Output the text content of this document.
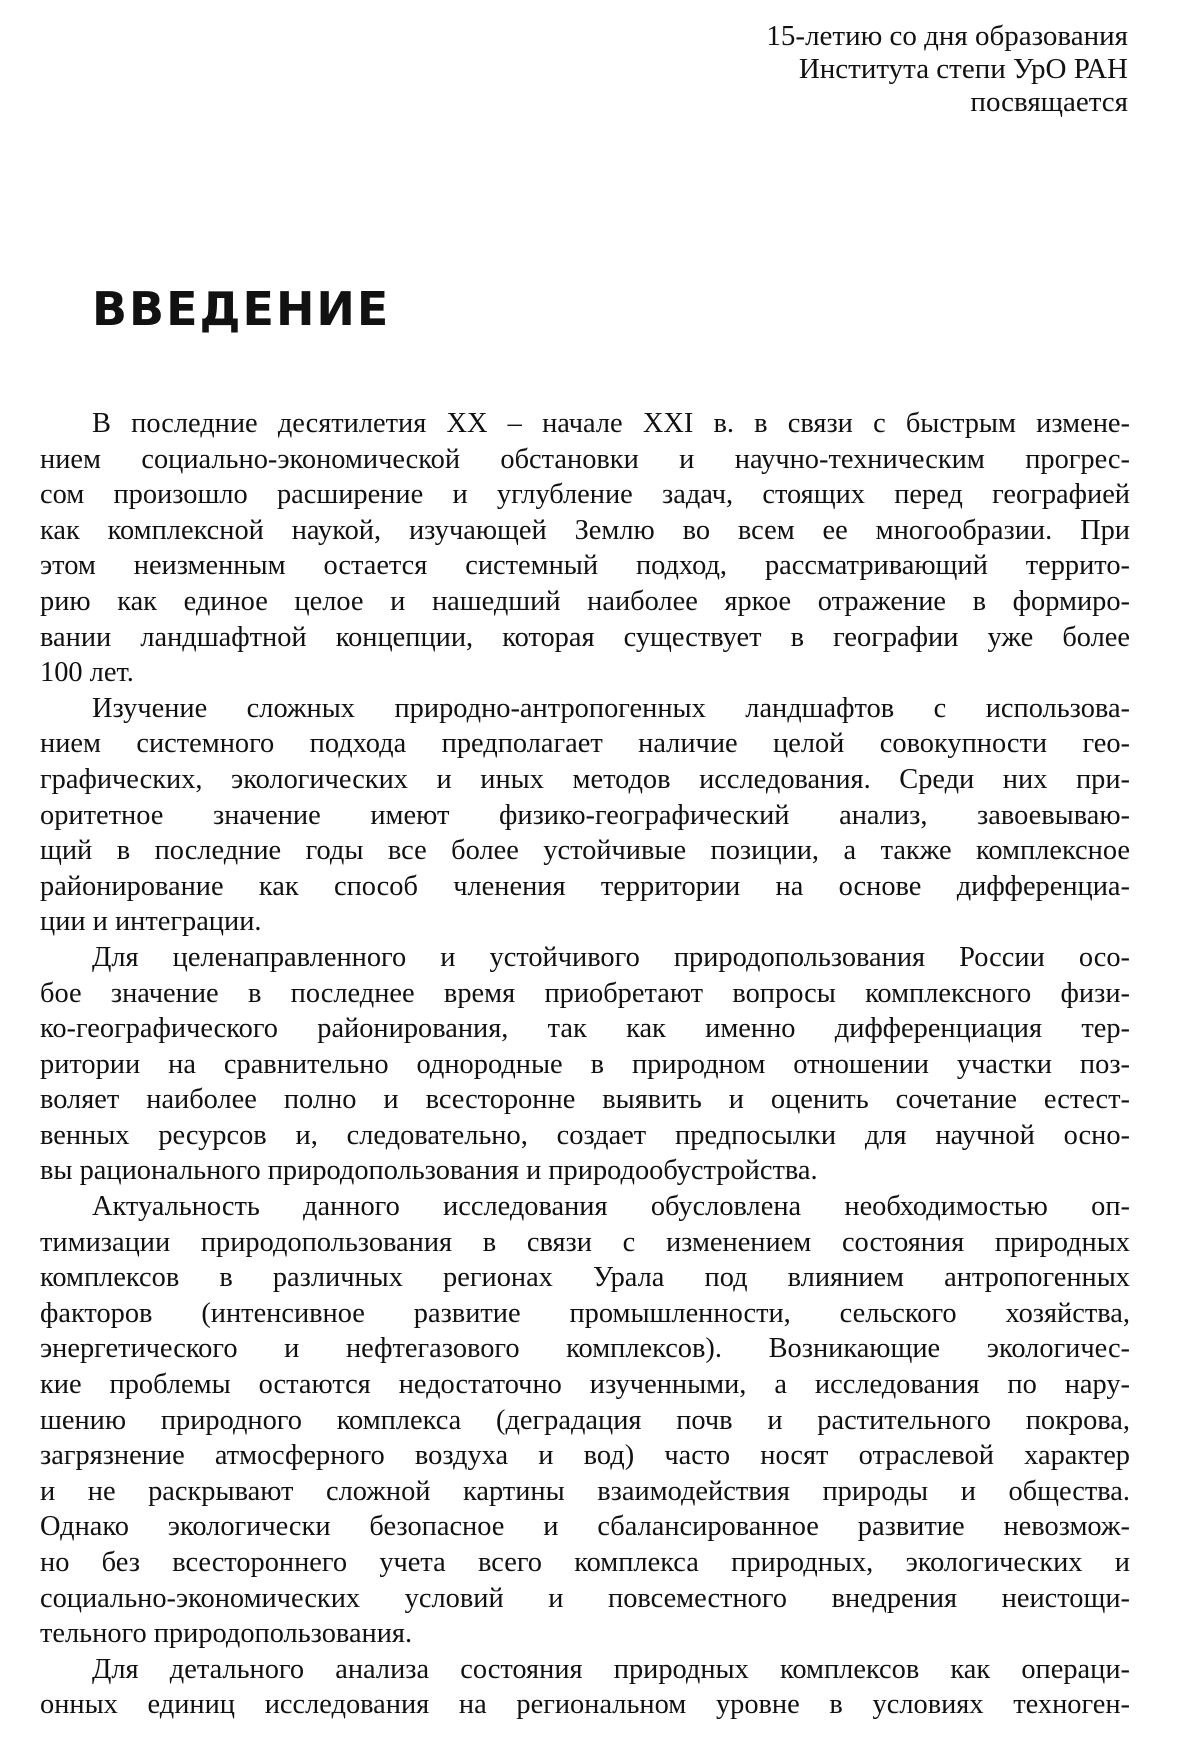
15-летию со дня образования
Института степи УрО РАН
посвящается
ВВЕДЕНИЕ
В последние десятилетия XX – начале XXI в. в связи с быстрым измене-
нием социально-экономической обстановки и научно-техническим прогрес-
сом произошло расширение и углубление задач, стоящих перед географией
как комплексной наукой, изучающей Землю во всем ее многообразии. При
этом неизменным остается системный подход, рассматривающий террито-
рию как единое целое и нашедший наиболее яркое отражение в формиро-
вании ландшафтной концепции, которая существует в географии уже более
100 лет.
Изучение сложных природно-антропогенных ландшафтов с использова-
нием системного подхода предполагает наличие целой совокупности гео-
графических, экологических и иных методов исследования. Среди них при-
оритетное значение имеют физико-географический анализ, завоевываю-
щий в последние годы все более устойчивые позиции, а также комплексное
районирование как способ членения территории на основе дифференциа-
ции и интеграции.
Для целенаправленного и устойчивого природопользования России осо-
бое значение в последнее время приобретают вопросы комплексного физи-
ко-географического районирования, так как именно дифференциация тер-
ритории на сравнительно однородные в природном отношении участки поз-
воляет наиболее полно и всесторонне выявить и оценить сочетание естест-
венных ресурсов и, следовательно, создает предпосылки для научной осно-
вы рационального природопользования и природообустройства.
Актуальность данного исследования обусловлена необходимостью оп-
тимизации природопользования в связи с изменением состояния природных
комплексов в различных регионах Урала под влиянием антропогенных
факторов (интенсивное развитие промышленности, сельского хозяйства,
энергетического и нефтегазового комплексов). Возникающие экологичес-
кие проблемы остаются недостаточно изученными, а исследования по нару-
шению природного комплекса (деградация почв и растительного покрова,
загрязнение атмосферного воздуха и вод) часто носят отраслевой характер
и не раскрывают сложной картины взаимодействия природы и общества.
Однако экологически безопасное и сбалансированное развитие невозмож-
но без всестороннего учета всего комплекса природных, экологических и
социально-экономических условий и повсеместного внедрения неистощи-
тельного природопользования.
Для детального анализа состояния природных комплексов как операци-
онных единиц исследования на региональном уровне в условиях техноген-
